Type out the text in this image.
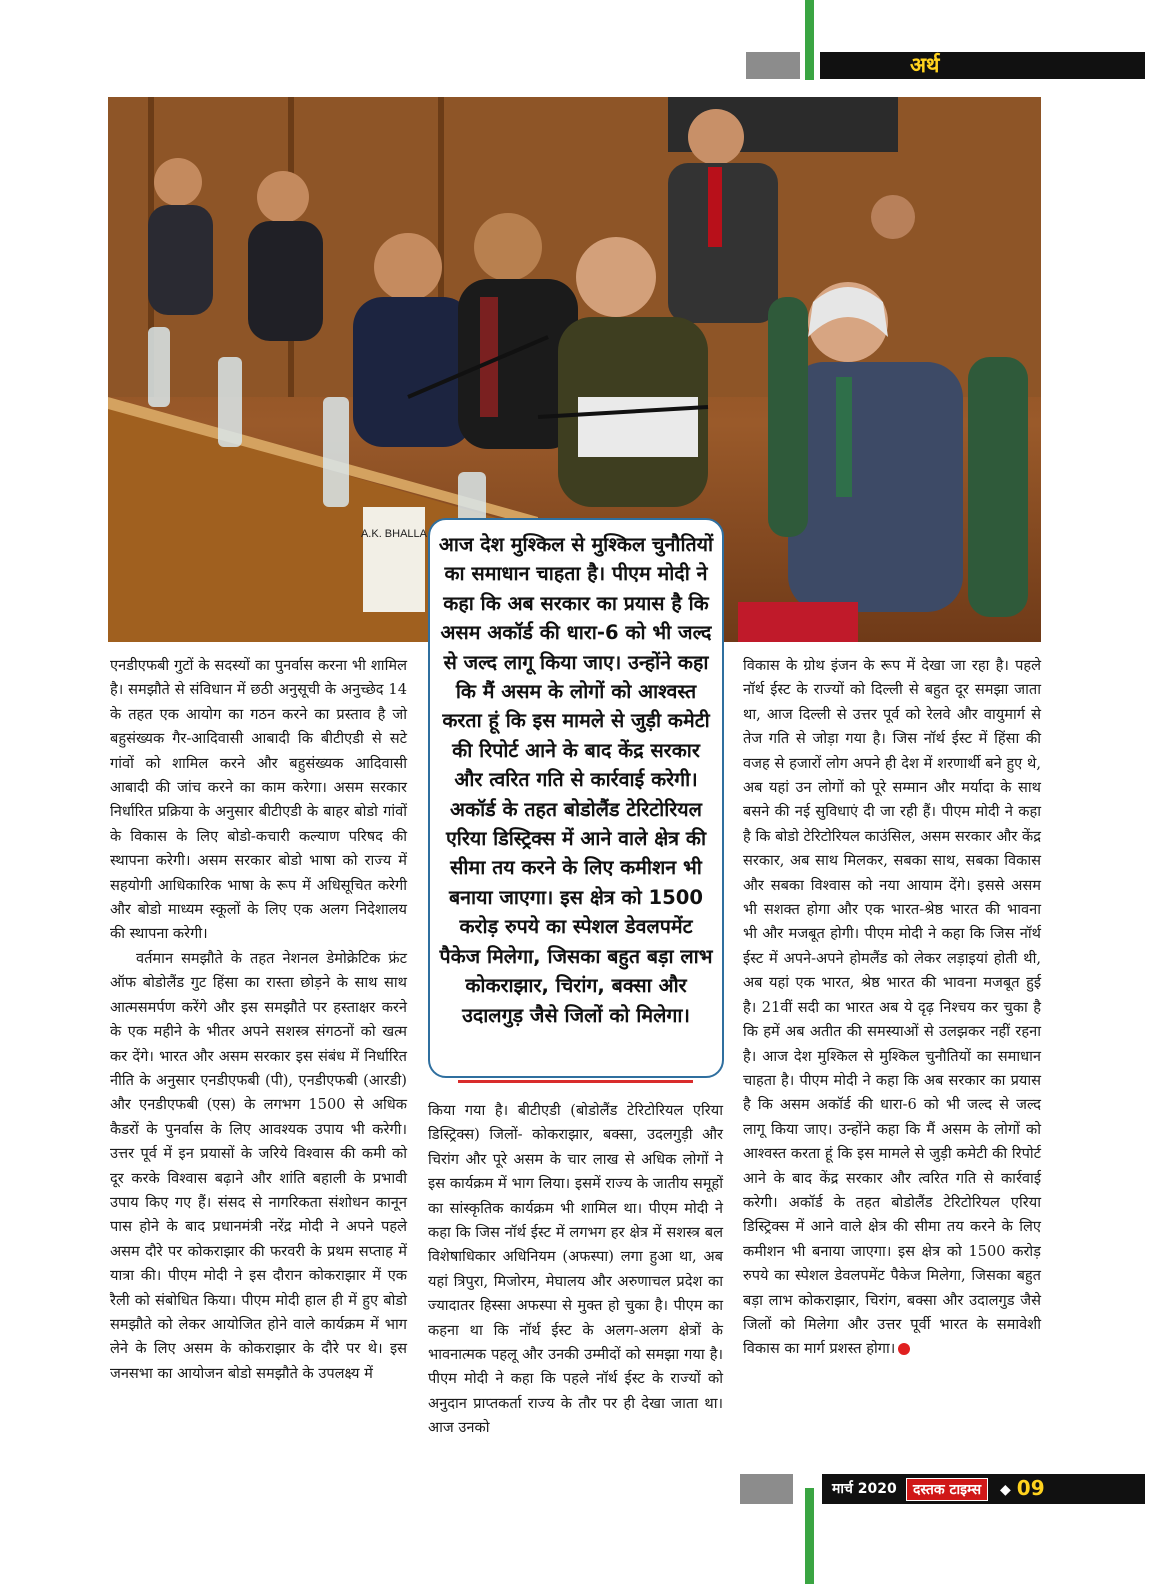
अर्थ
A.K. BHALLA आज देश मुश्किल से मुश्किल चुनौतियों का समाधान चाहता है। पीएम मोदी ने कहा कि अब सरकार का प्रयास है कि असम अकॉर्ड की धारा-6 को भी जल्द से जल्द लागू किया जाए। उन्होंने कहा कि मैं असम के लोगों को आश्वस्त करता हूं कि इस मामले से जुड़ी कमेटी की रिपोर्ट आने के बाद केंद्र सरकार और त्वरित गति से कार्रवाई करेगी। अकॉर्ड के तहत बोडोलैंड टेरिटोरियल एरिया डिस्ट्रिक्स में आने वाले क्षेत्र की सीमा तय करने के लिए कमीशन भी बनाया जाएगा। इस क्षेत्र को 1500 करोड़ रुपये का स्पेशल डेवलपमेंट पैकेज मिलेगा, जिसका बहुत बड़ा लाभ कोकराझार, चिरांग, बक्सा और उदालगुड़ जैसे जिलों को मिलेगा।

एनडीएफबी गुटों के सदस्यों का पुनर्वास करना भी शामिल है। समझौते से संविधान में छठी अनुसूची के अनुच्छेद 14 के तहत एक आयोग का गठन करने का प्रस्ताव है जो बहुसंख्यक गैर-आदिवासी आबादी कि बीटीएडी से सटे गांवों को शामिल करने और बहुसंख्यक आदिवासी आबादी की जांच करने का काम करेगा। असम सरकार निर्धारित प्रक्रिया के अनुसार बीटीएडी के बाहर बोडो गांवों के विकास के लिए बोडो-कचारी कल्याण परिषद की स्थापना करेगी। असम सरकार बोडो भाषा को राज्य में सहयोगी आधिकारिक भाषा के रूप में अधिसूचित करेगी और बोडो माध्यम स्कूलों के लिए एक अलग निदेशालय की स्थापना करेगी।

वर्तमान समझौते के तहत नेशनल डेमोक्रेटिक फ्रंट ऑफ बोडोलैंड गुट हिंसा का रास्ता छोड़ने के साथ साथ आत्मसमर्पण करेंगे और इस समझौते पर हस्ताक्षर करने के एक महीने के भीतर अपने सशस्त्र संगठनों को खत्म कर देंगे। भारत और असम सरकार इस संबंध में निर्धारित नीति के अनुसार एनडीएफबी (पी), एनडीएफबी (आरडी) और एनडीएफबी (एस) के लगभग 1500 से अधिक कैडरों के पुनर्वास के लिए आवश्यक उपाय भी करेगी। उत्तर पूर्व में इन प्रयासों के जरिये विश्वास की कमी को दूर करके विश्वास बढ़ाने और शांति बहाली के प्रभावी उपाय किए गए हैं। संसद से नागरिकता संशोधन कानून पास होने के बाद प्रधानमंत्री नरेंद्र मोदी ने अपने पहले असम दौरे पर कोकराझार की फरवरी के प्रथम सप्ताह में यात्रा की। पीएम मोदी ने इस दौरान कोकराझार में एक रैली को संबोधित किया। पीएम मोदी हाल ही में हुए बोडो समझौते को लेकर आयोजित होने वाले कार्यक्रम में भाग लेने के लिए असम के कोकराझार के दौरे पर थे। इस जनसभा का आयोजन बोडो समझौते के उपलक्ष्य में

किया गया है। बीटीएडी (बोडोलैंड टेरिटोरियल एरिया डिस्ट्रिक्स) जिलों- कोकराझार, बक्सा, उदलगुड़ी और चिरांग और पूरे असम के चार लाख से अधिक लोगों ने इस कार्यक्रम में भाग लिया। इसमें राज्य के जातीय समूहों का सांस्कृतिक कार्यक्रम भी शामिल था। पीएम मोदी ने कहा कि जिस नॉर्थ ईस्ट में लगभग हर क्षेत्र में सशस्त्र बल विशेषाधिकार अधिनियम (अफस्पा) लगा हुआ था, अब यहां त्रिपुरा, मिजोरम, मेघालय और अरुणाचल प्रदेश का ज्यादातर हिस्सा अफस्पा से मुक्त हो चुका है। पीएम का कहना था कि नॉर्थ ईस्ट के अलग-अलग क्षेत्रों के भावनात्मक पहलू और उनकी उम्मीदों को समझा गया है। पीएम मोदी ने कहा कि पहले नॉर्थ ईस्ट के राज्यों को अनुदान प्राप्तकर्ता राज्य के तौर पर ही देखा जाता था। आज उनको

विकास के ग्रोथ इंजन के रूप में देखा जा रहा है। पहले नॉर्थ ईस्ट के राज्यों को दिल्ली से बहुत दूर समझा जाता था, आज दिल्ली से उत्तर पूर्व को रेलवे और वायुमार्ग से तेज गति से जोड़ा गया है। जिस नॉर्थ ईस्ट में हिंसा की वजह से हजारों लोग अपने ही देश में शरणार्थी बने हुए थे, अब यहां उन लोगों को पूरे सम्मान और मर्यादा के साथ बसने की नई सुविधाएं दी जा रही हैं। पीएम मोदी ने कहा है कि बोडो टेरिटोरियल काउंसिल, असम सरकार और केंद्र सरकार, अब साथ मिलकर, सबका साथ, सबका विकास और सबका विश्वास को नया आयाम देंगे। इससे असम भी सशक्त होगा और एक भारत-श्रेष्ठ भारत की भावना भी और मजबूत होगी। पीएम मोदी ने कहा कि जिस नॉर्थ ईस्ट में अपने-अपने होमलैंड को लेकर लड़ाइयां होती थी, अब यहां एक भारत, श्रेष्ठ भारत की भावना मजबूत हुई है। 21वीं सदी का भारत अब ये दृढ़ निश्चय कर चुका है कि हमें अब अतीत की समस्याओं से उलझकर नहीं रहना है। आज देश मुश्किल से मुश्किल चुनौतियों का समाधान चाहता है। पीएम मोदी ने कहा कि अब सरकार का प्रयास है कि असम अकॉर्ड की धारा-6 को भी जल्द से जल्द लागू किया जाए। उन्होंने कहा कि मैं असम के लोगों को आश्वस्त करता हूं कि इस मामले से जुड़ी कमेटी की रिपोर्ट आने के बाद केंद्र सरकार और त्वरित गति से कार्रवाई करेगी। अकॉर्ड के तहत बोडोलैंड टेरिटोरियल एरिया डिस्ट्रिक्स में आने वाले क्षेत्र की सीमा तय करने के लिए कमीशन भी बनाया जाएगा। इस क्षेत्र को 1500 करोड़ रुपये का स्पेशल डेवलपमेंट पैकेज मिलेगा, जिसका बहुत बड़ा लाभ कोकराझार, चिरांग, बक्सा और उदालगुड जैसे जिलों को मिलेगा और उत्तर पूर्वी भारत के समावेशी विकास का मार्ग प्रशस्त होगा।

मार्च 2020	दस्तक टाइम्स	◆ 09
